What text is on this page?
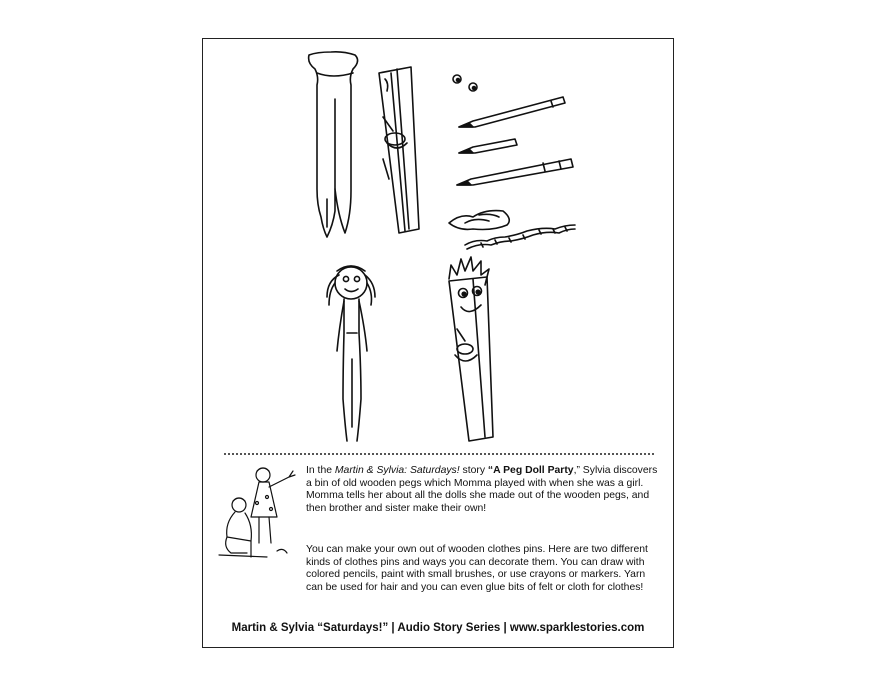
In the Martin & Sylvia: Saturdays! story “A Peg Doll Party,” Sylvia discovers a bin of old wooden pegs which Momma played with when she was a girl. Momma tells her about all the dolls she made out of the wooden pegs, and then brother and sister make their own!

You can make your own out of wooden clothes pins. Here are two different kinds of clothes pins and ways you can decorate them. You can draw with colored pencils, paint with small brushes, or use crayons or markers. Yarn can be used for hair and you can even glue bits of felt or cloth for clothes!

Martin & Sylvia “Saturdays!” | Audio Story Series | www.sparklestories.com
